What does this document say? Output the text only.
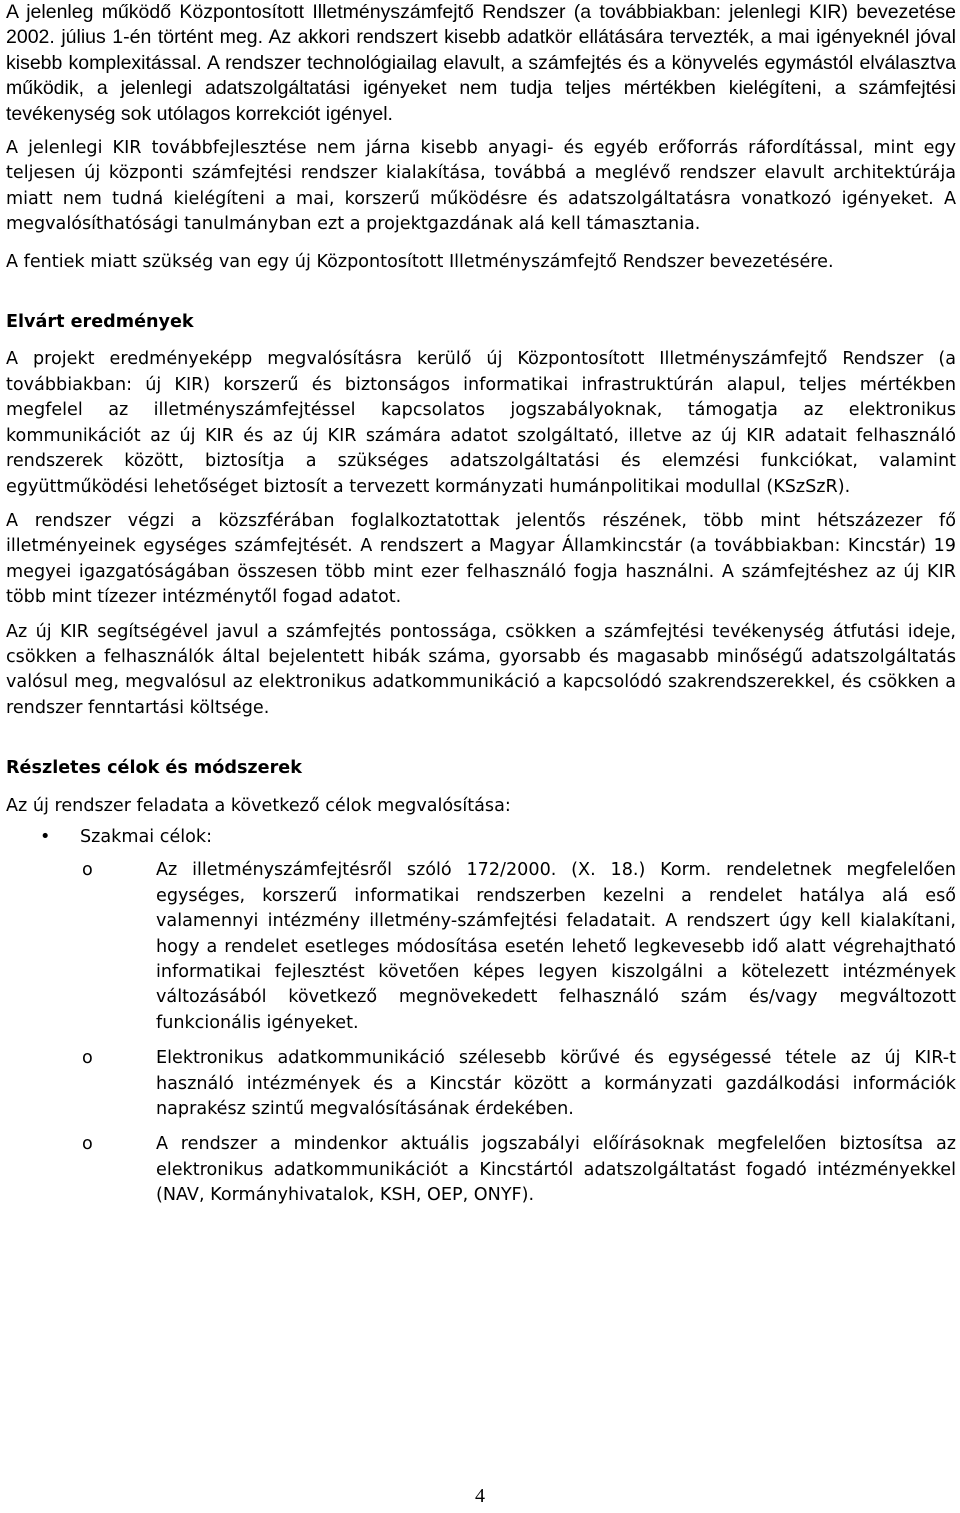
A jelenleg működő Központosított Illetményszámfejtő Rendszer (a továbbiakban: jelenlegi KIR) bevezetése 2002. július 1-én történt meg. Az akkori rendszert kisebb adatkör ellátására tervezték, a mai igényeknél jóval kisebb komplexitással. A rendszer technológiailag elavult, a számfejtés és a könyvelés egymástól elválasztva működik, a jelenlegi adatszolgáltatási igényeket nem tudja teljes mértékben kielégíteni, a számfejtési tevékenység sok utólagos korrekciót igényel.

A jelenlegi KIR továbbfejlesztése nem járna kisebb anyagi- és egyéb erőforrás ráfordítással, mint egy teljesen új központi számfejtési rendszer kialakítása, továbbá a meglévő rendszer elavult architektúrája miatt nem tudná kielégíteni a mai, korszerű működésre és adatszolgáltatásra vonatkozó igényeket. A megvalósíthatósági tanulmányban ezt a projektgazdának alá kell támasztania.

A fentiek miatt szükség van egy új Központosított Illetményszámfejtő Rendszer bevezetésére.

Elvárt eredmények

A projekt eredményeképp megvalósításra kerülő új Központosított Illetményszámfejtő Rendszer (a továbbiakban: új KIR) korszerű és biztonságos informatikai infrastruktúrán alapul, teljes mértékben megfelel az illetményszámfejtéssel kapcsolatos jogszabályoknak, támogatja az elektronikus kommunikációt az új KIR és az új KIR számára adatot szolgáltató, illetve az új KIR adatait felhasználó rendszerek között, biztosítja a szükséges adatszolgáltatási és elemzési funkciókat, valamint együttműködési lehetőséget biztosít a tervezett kormányzati humánpolitikai modullal (KSzSzR).

A rendszer végzi a közszférában foglalkoztatottak jelentős részének, több mint hétszázezer fő illetményeinek egységes számfejtését. A rendszert a Magyar Államkincstár (a továbbiakban: Kincstár) 19 megyei igazgatóságában összesen több mint ezer felhasználó fogja használni. A számfejtéshez az új KIR több mint tízezer intézménytől fogad adatot.

Az új KIR segítségével javul a számfejtés pontossága, csökken a számfejtési tevékenység átfutási ideje, csökken a felhasználók által bejelentett hibák száma, gyorsabb és magasabb minőségű adatszolgáltatás valósul meg, megvalósul az elektronikus adatkommunikáció a kapcsolódó szakrendszerekkel, és csökken a rendszer fenntartási költsége.

Részletes célok és módszerek

Az új rendszer feladata a következő célok megvalósítása:

• Szakmai célok:
o	Az illetményszámfejtésről szóló 172/2000. (X. 18.) Korm. rendeletnek megfelelően egységes, korszerű informatikai rendszerben kezelni a rendelet hatálya alá eső valamennyi intézmény illetmény-számfejtési feladatait. A rendszert úgy kell kialakítani, hogy a rendelet esetleges módosítása esetén lehető legkevesebb idő alatt végrehajtható informatikai fejlesztést követően képes legyen kiszolgálni a kötelezett intézmények változásából következő megnövekedett felhasználó szám és/vagy megváltozott funkcionális igényeket.
o	Elektronikus adatkommunikáció szélesebb körűvé és egységessé tétele az új KIR-t használó intézmények és a Kincstár között a kormányzati gazdálkodási információk naprakész szintű megvalósításának érdekében.
o	A rendszer a mindenkor aktuális jogszabályi előírásoknak megfelelően biztosítsa az elektronikus adatkommunikációt a Kincstártól adatszolgáltatást fogadó intézményekkel (NAV, Kormányhivatalok, KSH, OEP, ONYF).
4
